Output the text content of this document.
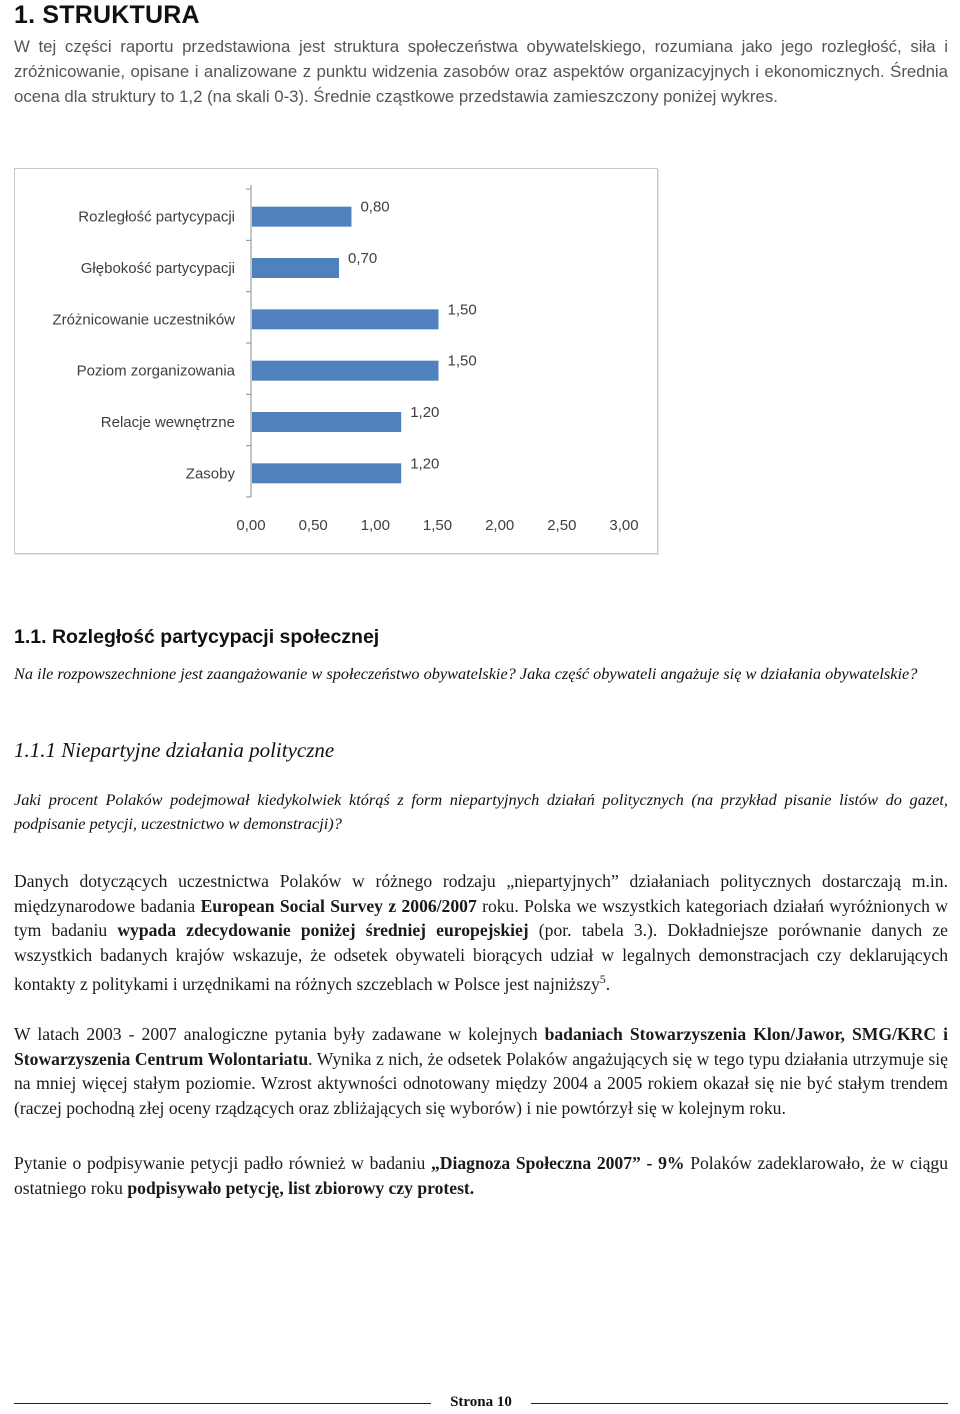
1. STRUKTURA

W tej części raportu przedstawiona jest struktura społeczeństwa obywatelskiego, rozumiana jako jego rozległość, siła i zróżnicowanie, opisane i analizowane z punktu widzenia zasobów oraz aspektów organizacyjnych i ekonomicznych. Średnia ocena dla struktury to 1,2 (na skali 0-3). Średnie cząstkowe przedstawia zamieszczony poniżej wykres.

Rozległość partycypacji
0,80
Głębokość partycypacji
0,70
Zróżnicowanie uczestników
1,50
Poziom zorganizowania
1,50
Relacje wewnętrzne
1,20
Zasoby
1,20
0,00 0,50 1,00 1,50 2,00 2,50 3,00
1.1. Rozległość partycypacji społecznej

Na ile rozpowszechnione jest zaangażowanie w społeczeństwo obywatelskie? Jaka część obywateli angażuje się w działania obywatelskie?

1.1.1 Niepartyjne działania polityczne

Jaki procent Polaków podejmował kiedykolwiek którąś z form niepartyjnych działań politycznych (na przykład pisanie listów do gazet, podpisanie petycji, uczestnictwo w demonstracji)?

Danych dotyczących uczestnictwa Polaków w różnego rodzaju „niepartyjnych” działaniach politycznych dostarczają m.in. międzynarodowe badania European Social Survey z 2006/2007 roku. Polska we wszystkich kategoriach działań wyróżnionych w tym badaniu wypada zdecydowanie poniżej średniej europejskiej (por. tabela 3.). Dokładniejsze porównanie danych ze wszystkich badanych krajów wskazuje, że odsetek obywateli biorących udział w legalnych demonstracjach czy deklarujących kontakty z politykami i urzędnikami na różnych szczeblach w Polsce jest najniższy$^5$.

W latach 2003 - 2007 analogiczne pytania były zadawane w kolejnych badaniach Stowarzyszenia Klon/Jawor, SMG/KRC i Stowarzyszenia Centrum Wolontariatu. Wynika z nich, że odsetek Polaków angażujących się w tego typu działania utrzymuje się na mniej więcej stałym poziomie. Wzrost aktywności odnotowany między 2004 a 2005 rokiem okazał się nie być stałym trendem (raczej pochodną złej oceny rządzących oraz zbliżających się wyborów) i nie powtórzył się w kolejnym roku.

Pytanie o podpisywanie petycji padło również w badaniu „Diagnoza Społeczna 2007” - 9% Polaków zadeklarowało, że w ciągu ostatniego roku podpisywało petycję, list zbiorowy czy protest.

Strona 10
